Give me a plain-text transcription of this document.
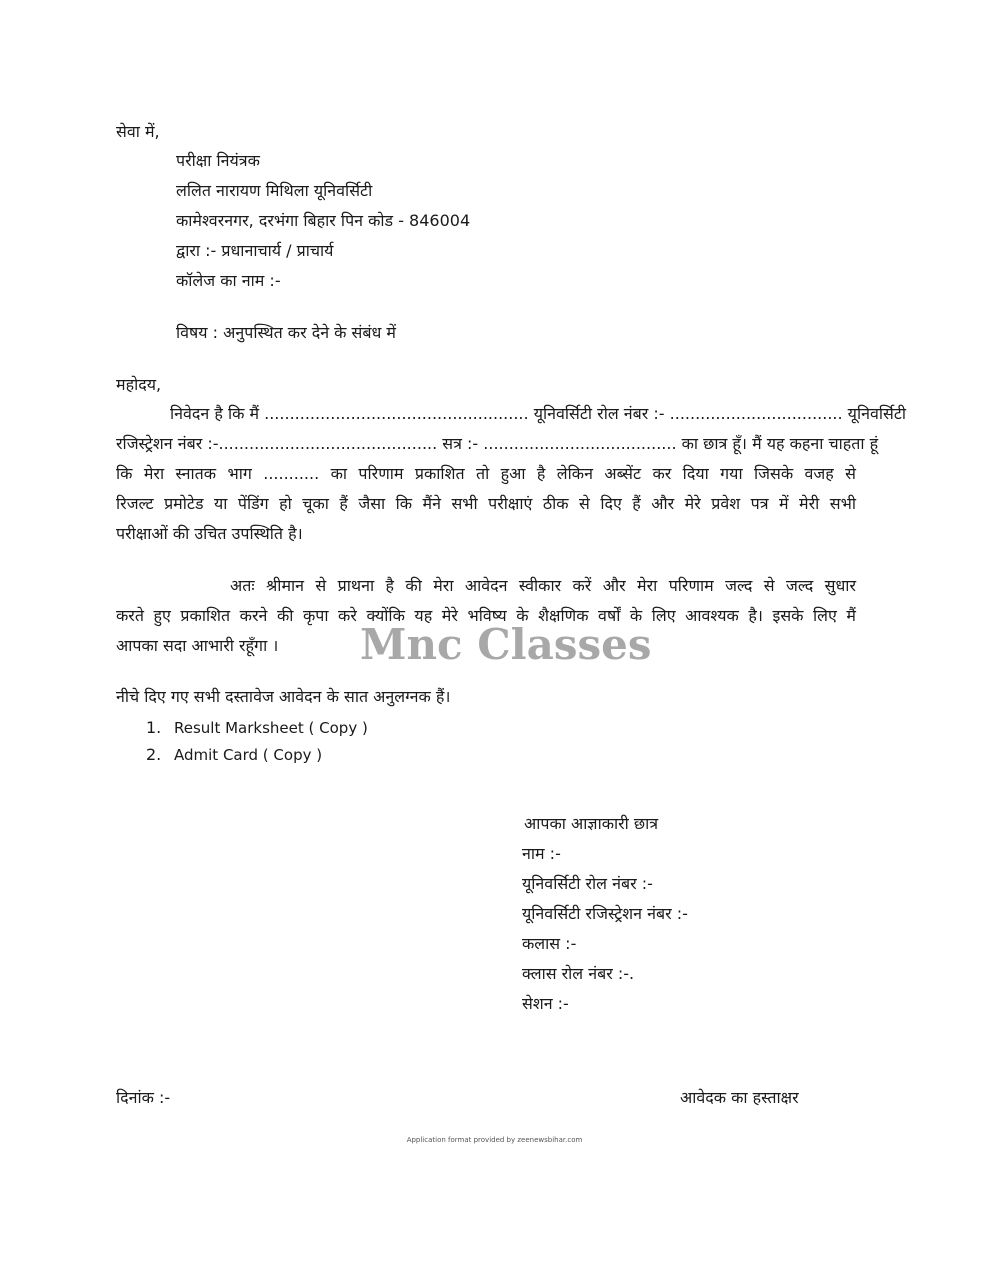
सेवा में,
परीक्षा नियंत्रक
ललित नारायण मिथिला यूनिवर्सिटी
कामेश्वरनगर, दरभंगा बिहार पिन कोड - 846004
द्वारा :- प्रधानाचार्य / प्राचार्य
कॉलेज का नाम :-
विषय : अनुपस्थित कर देने के संबंध में
महोदय,
निवेदन है कि मैं .................................................... यूनिवर्सिटी रोल नंबर :- .................................. यूनिवर्सिटी
रजिस्ट्रेशन नंबर :-........................................... सत्र :- ...................................... का छात्र हूँ। मैं यह कहना चाहता हूं
कि मेरा स्नातक भाग ........... का परिणाम प्रकाशित तो हुआ है लेकिन अब्सेंट कर दिया गया जिसके वजह से
रिजल्ट प्रमोटेड या पेंडिंग हो चूका हैं जैसा कि मैंने सभी परीक्षाएं ठीक से दिए हैं और मेरे प्रवेश पत्र में मेरी सभी
परीक्षाओं की उचित उपस्थिति है।
अतः श्रीमान से प्राथना है की मेरा आवेदन स्वीकार करें और मेरा परिणाम जल्द से जल्द सुधार
करते हुए प्रकाशित करने की कृपा करे क्योंकि यह मेरे भविष्य के शैक्षणिक वर्षों के लिए आवश्यक है। इसके लिए मैं
आपका सदा आभारी रहूँगा । Mnc Classes
नीचे दिए गए सभी दस्तावेज आवेदन के सात अनुलग्नक हैं।
1. Result Marksheet ( Copy )
2. Admit Card ( Copy )
आपका आज्ञाकारी छात्र
नाम :-
यूनिवर्सिटी रोल नंबर :-
यूनिवर्सिटी रजिस्ट्रेशन नंबर :-
कलास :-
क्लास रोल नंबर :-.
सेशन :-
दिनांक :-	आवेदक का हस्ताक्षर
Application format provided by zeenewsbihar.com
